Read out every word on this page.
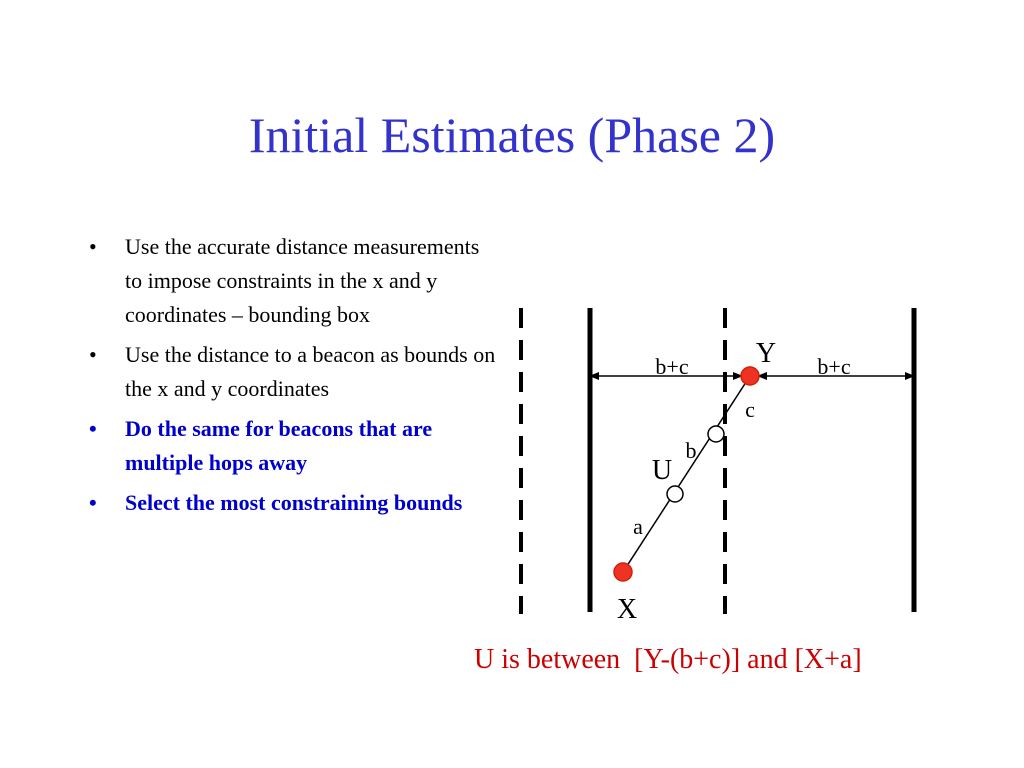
Initial Estimates (Phase 2)
• Use the accurate distance measurements to impose constraints in the x and y coordinates – bounding box
• Use the distance to a beacon as bounds on the x and y coordinates
• Do the same for beacons that are multiple hops away
• Select the most constraining bounds
b+c	b+c
Y
U
X
c
b
a
U is between  [Y-(b+c)] and [X+a]
